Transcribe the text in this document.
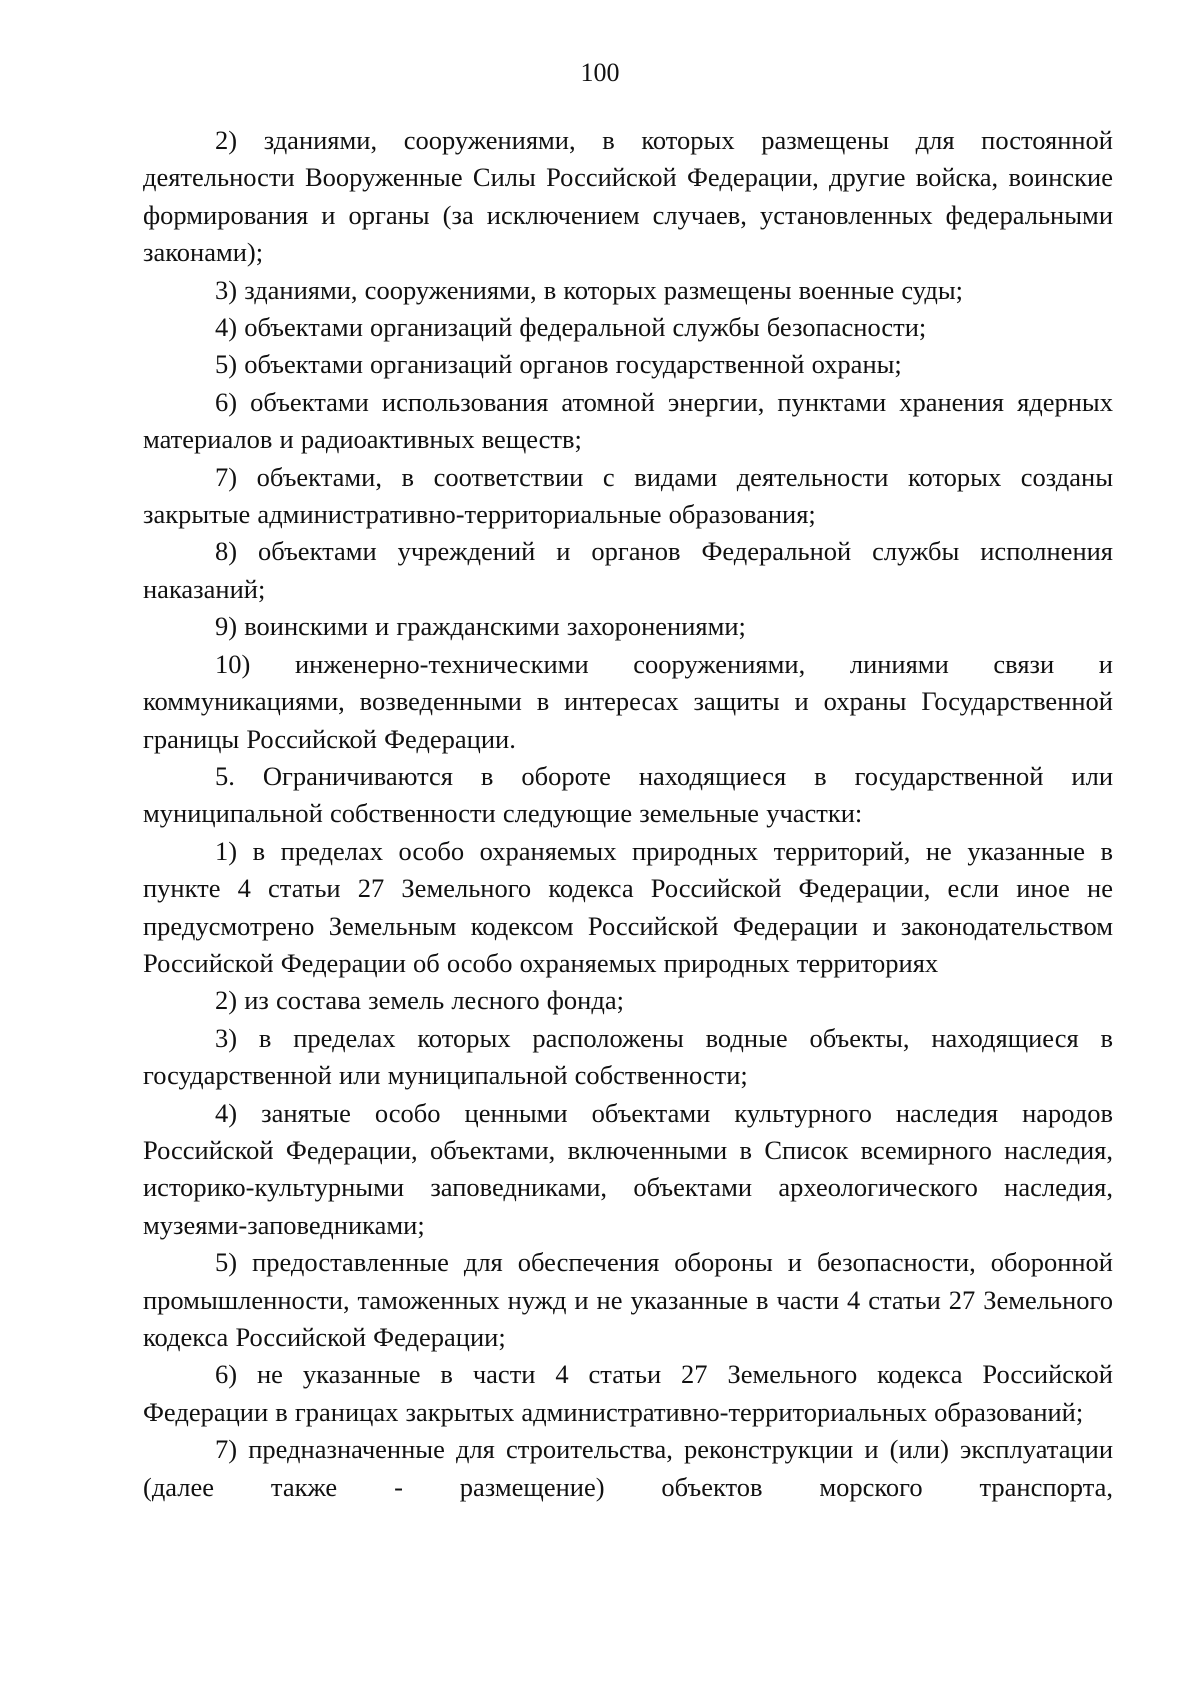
100

2) зданиями, сооружениями, в которых размещены для постоянной деятельности Вооруженные Силы Российской Федерации, другие войска, воинские формирования и органы (за исключением случаев, установленных федеральными законами);

3) зданиями, сооружениями, в которых размещены военные суды;

4) объектами организаций федеральной службы безопасности;

5) объектами организаций органов государственной охраны;

6) объектами использования атомной энергии, пунктами хранения ядерных материалов и радиоактивных веществ;

7) объектами, в соответствии с видами деятельности которых созданы закрытые административно-территориальные образования;

8) объектами учреждений и органов Федеральной службы исполнения наказаний;

9) воинскими и гражданскими захоронениями;

10) инженерно-техническими сооружениями, линиями связи и коммуникациями, возведенными в интересах защиты и охраны Государственной границы Российской Федерации.

5. Ограничиваются в обороте находящиеся в государственной или муниципальной собственности следующие земельные участки:

1) в пределах особо охраняемых природных территорий, не указанные в пункте 4 статьи 27 Земельного кодекса Российской Федерации, если иное не предусмотрено Земельным кодексом Российской Федерации и законодательством Российской Федерации об особо охраняемых природных территориях

2) из состава земель лесного фонда;

3) в пределах которых расположены водные объекты, находящиеся в государственной или муниципальной собственности;

4) занятые особо ценными объектами культурного наследия народов Российской Федерации, объектами, включенными в Список всемирного наследия, историко-культурными заповедниками, объектами археологического наследия, музеями-заповедниками;

5) предоставленные для обеспечения обороны и безопасности, оборонной промышленности, таможенных нужд и не указанные в части 4 статьи 27 Земельного кодекса Российской Федерации;

6) не указанные в части 4 статьи 27 Земельного кодекса Российской Федерации в границах закрытых административно-территориальных образований;

7) предназначенные для строительства, реконструкции и (или) эксплуатации (далее также - размещение) объектов морского транспорта,
